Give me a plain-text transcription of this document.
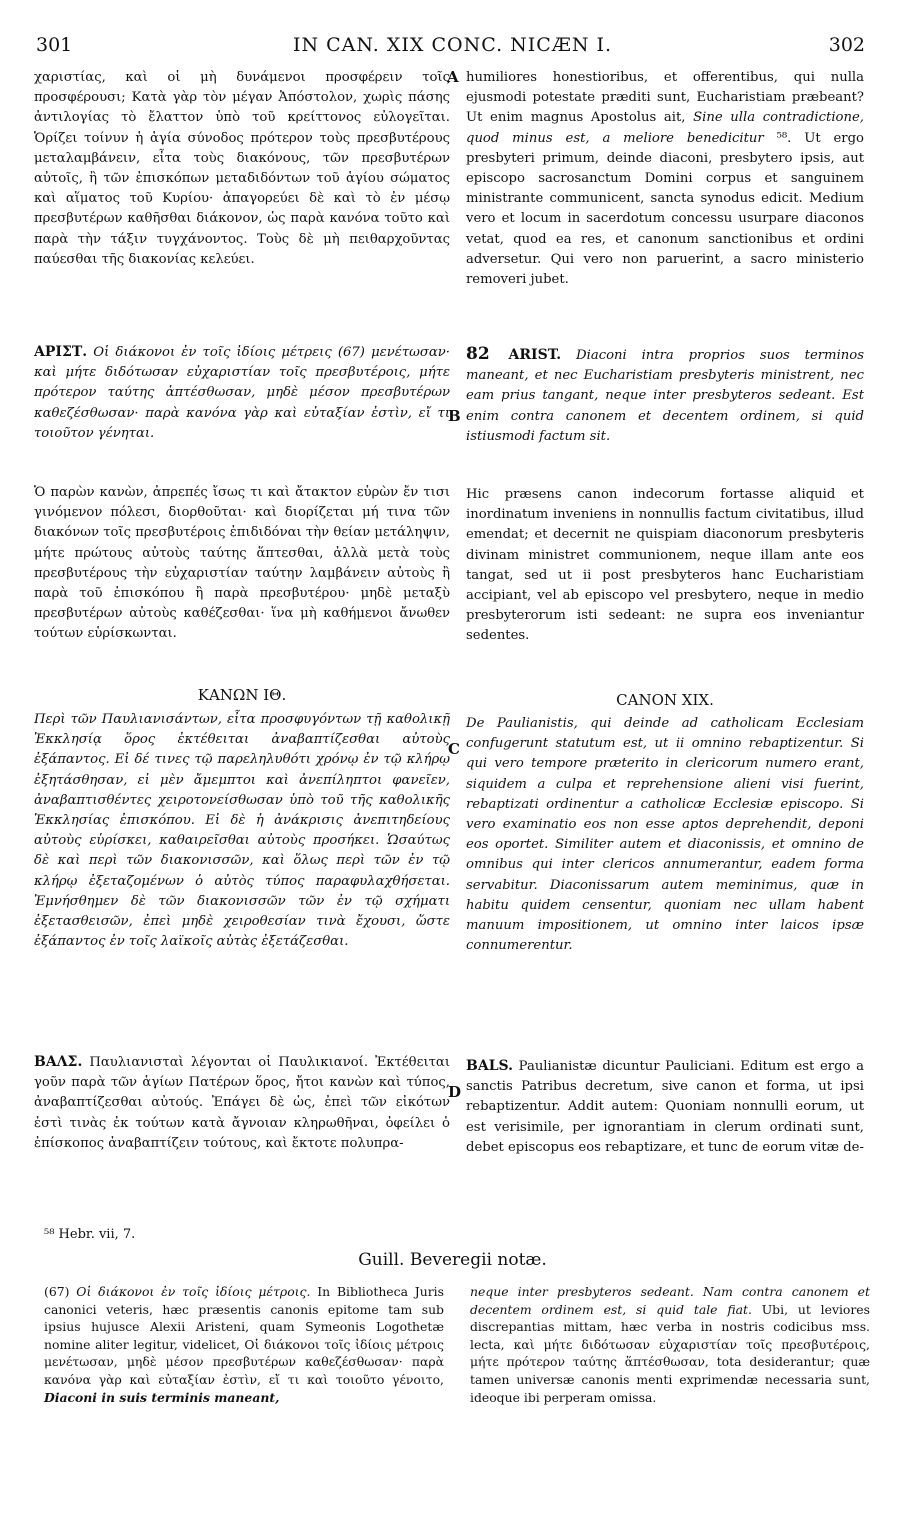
301	IN CAN. XIX CONC. NICÆN I.	302
A
B
C
D

χαριστίας, καὶ οἱ μὴ δυνάμενοι προσφέρειν τοῖς προσφέρουσι; Κατὰ γὰρ τὸν μέγαν Ἀπόστολον, χωρὶς πάσης ἀντιλογίας τὸ ἔλαττον ὑπὸ τοῦ κρείττονος εὐλογεῖται. Ὁρίζει τοίνυν ἡ ἁγία σύνοδος πρότερον τοὺς πρεσβυτέρους μεταλαμβάνειν, εἶτα τοὺς διακόνους, τῶν πρεσβυτέρων αὐτοῖς, ἢ τῶν ἐπισκόπων μεταδιδόντων τοῦ ἁγίου σώματος καὶ αἵματος τοῦ Κυρίου· ἀπαγορεύει δὲ καὶ τὸ ἐν μέσῳ πρεσβυτέρων καθῆσθαι διάκονον, ὡς παρὰ κανόνα τοῦτο καὶ παρὰ τὴν τάξιν τυγχάνοντος. Τοὺς δὲ μὴ πειθαρχοῦντας παύεσθαι τῆς διακονίας κελεύει.

ΑΡΙΣΤ. Οἱ διάκονοι ἐν τοῖς ἰδίοις μέτρεις (67) μενέτωσαν· καὶ μήτε διδότωσαν εὐχαριστίαν τοῖς πρεσβυτέροις, μήτε πρότερον ταύτης ἁπτέσθωσαν, μηδὲ μέσον πρεσβυτέρων καθεζέσθωσαν· παρὰ κανόνα γὰρ καὶ εὐταξίαν ἐστὶν, εἴ τι τοιοῦτον γένηται.

Ὁ παρὼν κανὼν, ἀπρεπές ἴσως τι καὶ ἄτακτον εὑρὼν ἔν τισι γινόμενον πόλεσι, διορθοῦται· καὶ διορίζεται μή τινα τῶν διακόνων τοῖς πρεσβυτέροις ἐπιδιδόναι τὴν θείαν μετάληψιν, μήτε πρώτους αὐτοὺς ταύτης ἅπτεσθαι, ἀλλὰ μετὰ τοὺς πρεσβυτέρους τὴν εὐχαριστίαν ταύτην λαμβάνειν αὐτοὺς ἢ παρὰ τοῦ ἐπισκόπου ἢ παρὰ πρεσβυτέρου· μηδὲ μεταξὺ πρεσβυτέρων αὐτοὺς καθέζεσθαι· ἵνα μὴ καθήμενοι ἄνωθεν τούτων εὑρίσκωνται.

ΚΑΝΩΝ ΙΘ.

Περὶ τῶν Παυλιανισάντων, εἶτα προσφυγόντων τῇ καθολικῇ Ἐκκλησίᾳ ὅρος ἐκτέθειται ἀναβαπτίζεσθαι αὐτοὺς ἐξάπαντος. Εἰ δέ τινες τῷ παρεληλυθότι χρόνῳ ἐν τῷ κλήρῳ ἐξητάσθησαν, εἰ μὲν ἄμεμπτοι καὶ ἀνεπίληπτοι φανεῖεν, ἀναβαπτισθέντες χειροτονείσθωσαν ὑπὸ τοῦ τῆς καθολικῆς Ἐκκλησίας ἐπισκόπου. Εἰ δὲ ἡ ἀνάκρισις ἀνεπιτηδείους αὐτοὺς εὑρίσκει, καθαιρεῖσθαι αὐτοὺς προσήκει. Ὡσαύτως δὲ καὶ περὶ τῶν διακονισσῶν, καὶ ὅλως περὶ τῶν ἐν τῷ κλήρῳ ἐξεταζομένων ὁ αὐτὸς τύπος παραφυλαχθήσεται. Ἐμνήσθημεν δὲ τῶν διακονισσῶν τῶν ἐν τῷ σχήματι ἐξετασθεισῶν, ἐπεὶ μηδὲ χειροθεσίαν τινὰ ἔχουσι, ὥστε ἐξάπαντος ἐν τοῖς λαϊκοῖς αὐτὰς ἐξετάζεσθαι.

ΒΑΛΣ. Παυλιανισταὶ λέγονται οἱ Παυλικιανοί. Ἐκτέθειται γοῦν παρὰ τῶν ἁγίων Πατέρων ὅρος, ἤτοι κανὼν καὶ τύπος, ἀναβαπτίζεσθαι αὐτούς. Ἐπάγει δὲ ὡς, ἐπεὶ τῶν εἰκότων ἐστὶ τινὰς ἐκ τούτων κατὰ ἄγνοιαν κληρωθῆναι, ὀφείλει ὁ ἐπίσκοπος ἀναβαπτίζειν τούτους, καὶ ἔκτοτε πολυπρα-

humiliores honestioribus, et offerentibus, qui nulla ejusmodi potestate præditi sunt, Eucharistiam præbeant? Ut enim magnus Apostolus ait, Sine ulla contradictione, quod minus est, a meliore benedicitur ⁵⁸. Ut ergo presbyteri primum, deinde diaconi, presbytero ipsis, aut episcopo sacrosanctum Domini corpus et sanguinem ministrante communicent, sancta synodus edicit. Medium vero et locum in sacerdotum concessu usurpare diaconos vetat, quod ea res, et canonum sanctionibus et ordini adversetur. Qui vero non paruerint, a sacro ministerio removeri jubet.

82 ARIST. Diaconi intra proprios suos terminos maneant, et nec Eucharistiam presbyteris ministrent, nec eam prius tangant, neque inter presbyteros sedeant. Est enim contra canonem et decentem ordinem, si quid istiusmodi factum sit.

Hic præsens canon indecorum fortasse aliquid et inordinatum inveniens in nonnullis factum civitatibus, illud emendat; et decernit ne quispiam diaconorum presbyteris divinam ministret communionem, neque illam ante eos tangat, sed ut ii post presbyteros hanc Eucharistiam accipiant, vel ab episcopo vel presbytero, neque in medio presbyterorum isti sedeant: ne supra eos inveniantur sedentes.

CANON XIX.

De Paulianistis, qui deinde ad catholicam Ecclesiam confugerunt statutum est, ut ii omnino rebaptizentur. Si qui vero tempore præterito in clericorum numero erant, siquidem a culpa et reprehensione alieni visi fuerint, rebaptizati ordinentur a catholicæ Ecclesiæ episcopo. Si vero examinatio eos non esse aptos deprehendit, deponi eos oportet. Similiter autem et diaconissis, et omnino de omnibus qui inter clericos annumerantur, eadem forma servabitur. Diaconissarum autem meminimus, quæ in habitu quidem censentur, quoniam nec ullam habent manuum impositionem, ut omnino inter laicos ipsæ connumerentur.

BALS. Paulianistæ dicuntur Pauliciani. Editum est ergo a sanctis Patribus decretum, sive canon et forma, ut ipsi rebaptizentur. Addit autem: Quoniam nonnulli eorum, ut est verisimile, per ignorantiam in clerum ordinati sunt, debet episcopus eos rebaptizare, et tunc de eorum vitæ de-

⁵⁸ Hebr. vii, 7.
Guill. Beveregii notæ.

(67) Οἱ διάκονοι ἐν τοῖς ἰδίοις μέτροις. In Bibliotheca Juris canonici veteris, hæc præsentis canonis epitome tam sub ipsius hujusce Alexii Aristeni, quam Symeonis Logothetæ nomine aliter legitur, videlicet, Οἱ διάκονοι τοῖς ἰδίοις μέτροις μενέτωσαν, μηδὲ μέσον πρεσβυτέρων καθεζέσθωσαν· παρὰ κανόνα γὰρ καὶ εὐταξίαν ἐστὶν, εἴ τι καὶ τοιοῦτο γένοιτο, Diaconi in suis terminis maneant,

neque inter presbyteros sedeant. Nam contra canonem et decentem ordinem est, si quid tale fiat. Ubi, ut leviores discrepantias mittam, hæc verba in nostris codicibus mss. lecta, καὶ μήτε διδότωσαν εὐχαριστίαν τοῖς πρεσβυτέροις, μήτε πρότερον ταύτης ἅπτέσθωσαν, tota desiderantur; quæ tamen universæ canonis menti exprimendæ necessaria sunt, ideoque ibi perperam omissa.
